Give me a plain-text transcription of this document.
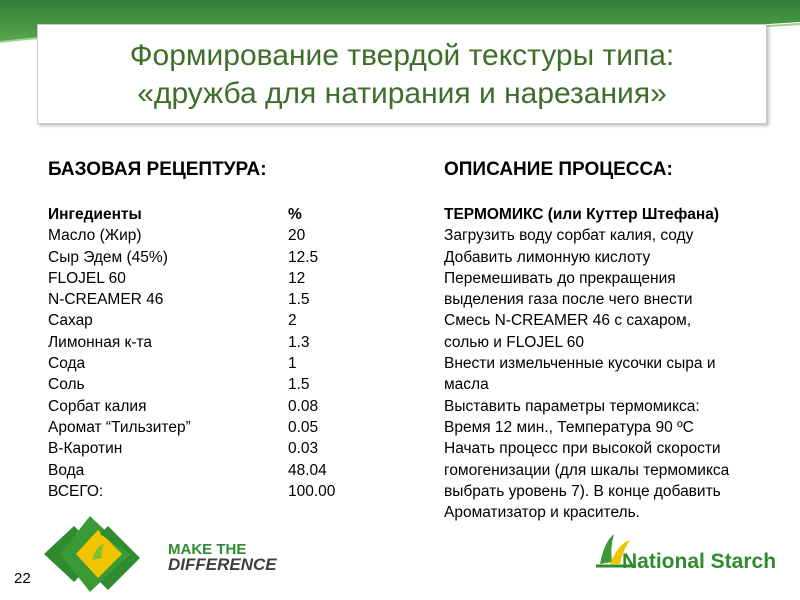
Формирование твердой текстуры типа:
«дружба для натирания и нарезания»
БАЗОВАЯ РЕЦЕПТУРА:
Ингедиенты	%
Масло (Жир)	20
Сыр Эдем (45%)	12.5
FLOJEL 60	12
N-CREAMER 46	1.5
Сахар	2
Лимонная к-та	1.3
Сода	1
Соль	1.5
Сорбат калия	0.08
Аромат “Тильзитер”	0.05
B-Каротин	0.03
Вода	48.04
ВСЕГО:	100.00
ОПИСАНИЕ ПРОЦЕССА:
ТЕРМОМИКС (или Куттер Штефана)
Загрузить воду сорбат калия, соду
Добавить лимонную кислоту
Перемешивать до прекращения
выделения газа после чего внести
Смесь N-CREAMER 46 с сахаром,
солью и FLOJEL 60
Внести измельченные кусочки сыра и
масла
Выставить параметры термомикса:
Время 12 мин., Температура 90 ºC
Начать процесс при высокой скорости
гомогенизации (для шкалы термомикса
выбрать уровень 7). В конце добавить
Ароматизатор и краситель.
MAKE THE
DIFFERENCE	National Starch
22
